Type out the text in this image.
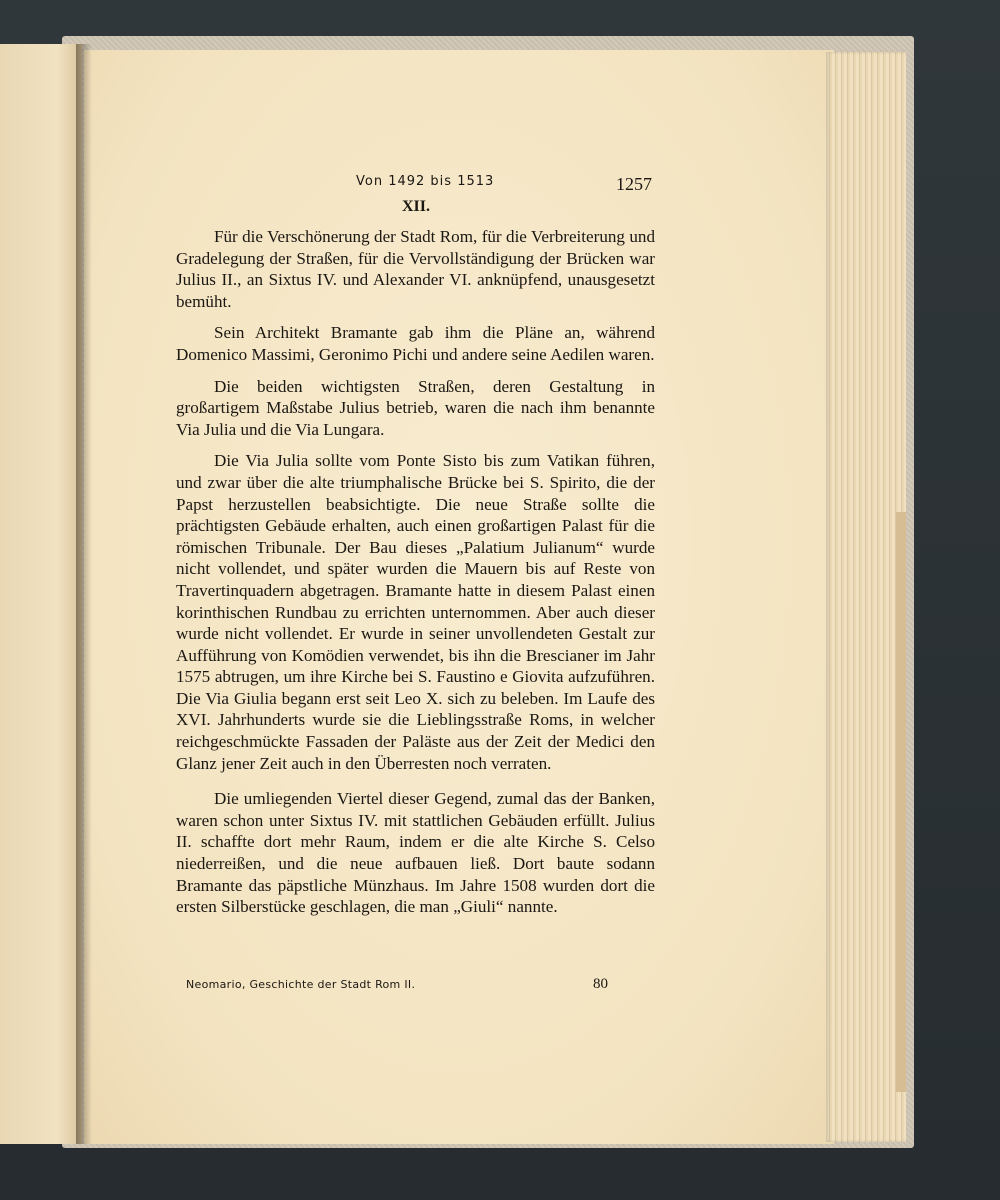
Von 1492 bis 1513	1257
XII.

Für die Verschönerung der Stadt Rom, für die Verbreiterung und Gradelegung der Straßen, für die Vervollständigung der Brücken war Julius II., an Sixtus IV. und Alexander VI. anknüpfend, unausgesetzt bemüht.

Sein Architekt Bramante gab ihm die Pläne an, während Domenico Massimi, Geronimo Pichi und andere seine Aedilen waren.

Die beiden wichtigsten Straßen, deren Gestaltung in großartigem Maßstabe Julius betrieb, waren die nach ihm benannte Via Julia und die Via Lungara.

Die Via Julia sollte vom Ponte Sisto bis zum Vatikan führen, und zwar über die alte triumphalische Brücke bei S. Spirito, die der Papst herzustellen beabsichtigte. Die neue Straße sollte die prächtigsten Gebäude erhalten, auch einen großartigen Palast für die römischen Tribunale. Der Bau dieses „Palatium Julianum“ wurde nicht vollendet, und später wurden die Mauern bis auf Reste von Travertinquadern abgetragen. Bramante hatte in diesem Palast einen korinthischen Rundbau zu errichten unternommen. Aber auch dieser wurde nicht vollendet. Er wurde in seiner unvollendeten Gestalt zur Aufführung von Komödien verwendet, bis ihn die Brescianer im Jahr 1575 abtrugen, um ihre Kirche bei S. Faustino e Giovita aufzuführen. Die Via Giulia begann erst seit Leo X. sich zu beleben. Im Laufe des XVI. Jahrhunderts wurde sie die Lieblingsstraße Roms, in welcher reichgeschmückte Fassaden der Paläste aus der Zeit der Medici den Glanz jener Zeit auch in den Überresten noch verraten.

Die umliegenden Viertel dieser Gegend, zumal das der Banken, waren schon unter Sixtus IV. mit stattlichen Gebäuden erfüllt. Julius II. schaffte dort mehr Raum, indem er die alte Kirche S. Celso niederreißen, und die neue aufbauen ließ. Dort baute sodann Bramante das päpstliche Münzhaus. Im Jahre 1508 wurden dort die ersten Silberstücke geschlagen, die man „Giuli“ nannte.

Neomario, Geschichte der Stadt Rom II.	80
